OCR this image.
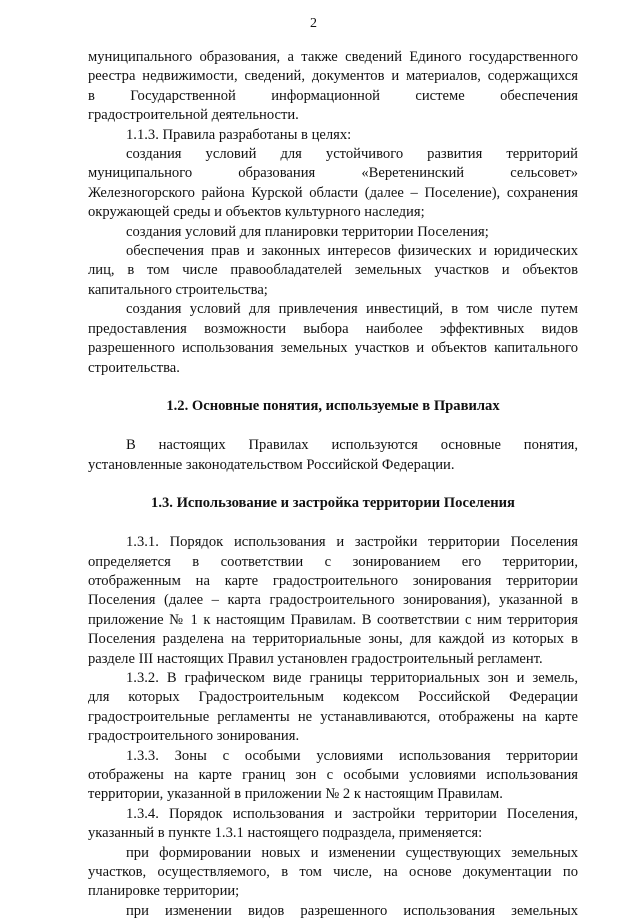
2
муниципального образования, а также сведений Единого государственного
реестра недвижимости, сведений, документов и материалов, содержащихся
в Государственной информационной системе обеспечения
градостроительной деятельности.
1.1.3. Правила разработаны в целях:
создания условий для устойчивого развития территорий
муниципального образования «Веретенинский сельсовет»
Железногорского района Курской области (далее – Поселение), сохранения
окружающей среды и объектов культурного наследия;
создания условий для планировки территории Поселения;
обеспечения прав и законных интересов физических и юридических
лиц, в том числе правообладателей земельных участков и объектов
капитального строительства;
создания условий для привлечения инвестиций, в том числе путем
предоставления возможности выбора наиболее эффективных видов
разрешенного использования земельных участков и объектов капитального
строительства.
1.2. Основные понятия, используемые в Правилах
В настоящих Правилах используются основные понятия,
установленные законодательством Российской Федерации.
1.3. Использование и застройка территории Поселения
1.3.1. Порядок использования и застройки территории Поселения
определяется в соответствии с зонированием его территории,
отображенным на карте градостроительного зонирования территории
Поселения (далее – карта градостроительного зонирования), указанной в
приложение № 1 к настоящим Правилам. В соответствии с ним территория
Поселения разделена на территориальные зоны, для каждой из которых в
разделе III настоящих Правил установлен градостроительный регламент.
1.3.2. В графическом виде границы территориальных зон и земель,
для которых Градостроительным кодексом Российской Федерации
градостроительные регламенты не устанавливаются, отображены на карте
градостроительного зонирования.
1.3.3. Зоны с особыми условиями использования территории
отображены на карте границ зон с особыми условиями использования
территории, указанной в приложении № 2 к настоящим Правилам.
1.3.4. Порядок использования и застройки территории Поселения,
указанный в пункте 1.3.1 настоящего подраздела, применяется:
при формировании новых и изменении существующих земельных
участков, осуществляемого, в том числе, на основе документации по
планировке территории;
при изменении видов разрешенного использования земельных
